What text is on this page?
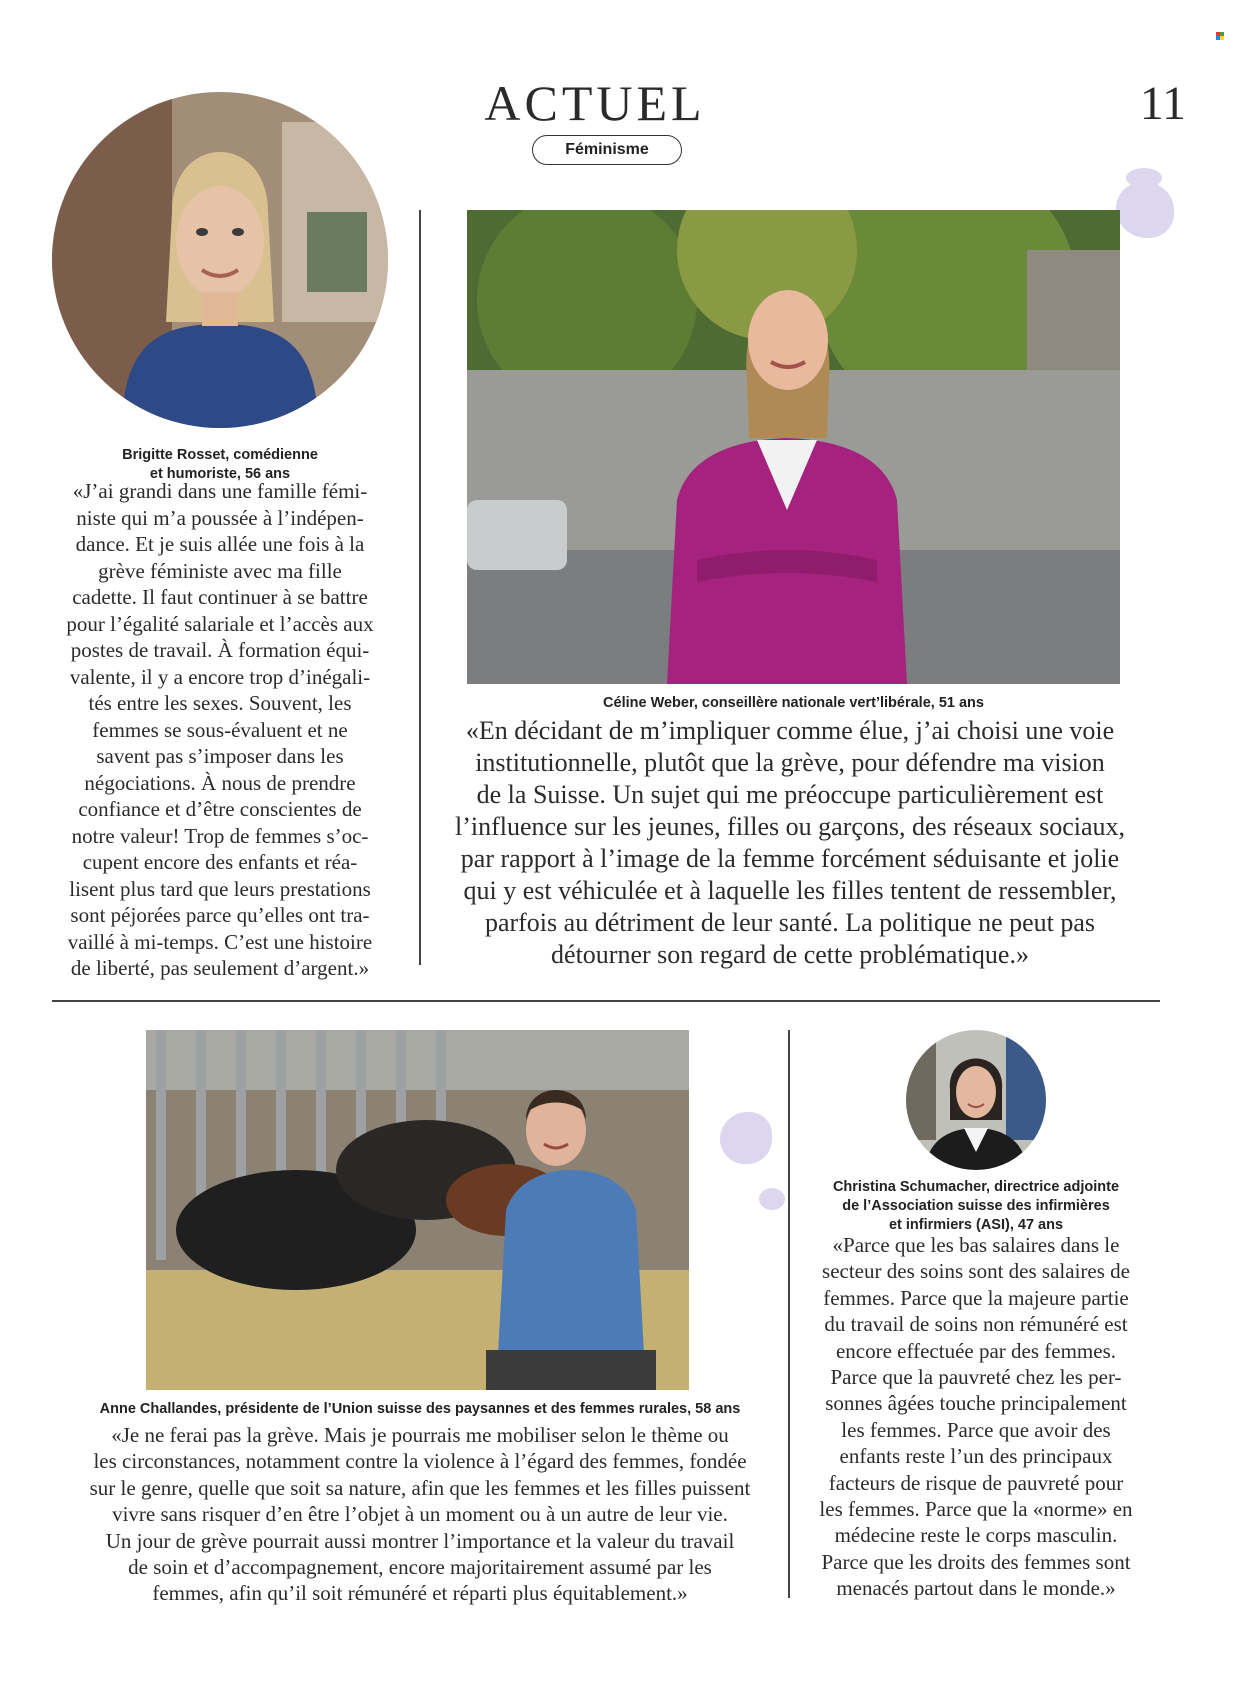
ACTUEL	11
Féminisme
Brigitte Rosset, comédienne
et humoriste, 56 ans
«J’ai grandi dans une famille fémi-
niste qui m’a poussée à l’indépen-
dance. Et je suis allée une fois à la
grève féministe avec ma fille
cadette. Il faut continuer à se battre
pour l’égalité salariale et l’accès aux
postes de travail. À formation équi-
valente, il y a encore trop d’inégali-
tés entre les sexes. Souvent, les
femmes se sous-évaluent et ne
savent pas s’imposer dans les
négociations. À nous de prendre
confiance et d’être conscientes de
notre valeur! Trop de femmes s’oc-
cupent encore des enfants et réa-
lisent plus tard que leurs prestations
sont péjorées parce qu’elles ont tra-
vaillé à mi-temps. C’est une histoire
de liberté, pas seulement d’argent.»
Céline Weber, conseillère nationale vert’libérale, 51 ans
«En décidant de m’impliquer comme élue, j’ai choisi une voie
institutionnelle, plutôt que la grève, pour défendre ma vision
de la Suisse. Un sujet qui me préoccupe particulièrement est
l’influence sur les jeunes, filles ou garçons, des réseaux sociaux,
par rapport à l’image de la femme forcément séduisante et jolie
qui y est véhiculée et à laquelle les filles tentent de ressembler,
parfois au détriment de leur santé. La politique ne peut pas
détourner son regard de cette problématique.»
Anne Challandes, présidente de l’Union suisse des paysannes et des femmes rurales, 58 ans
«Je ne ferai pas la grève. Mais je pourrais me mobiliser selon le thème ou
les circonstances, notamment contre la violence à l’égard des femmes, fondée
sur le genre, quelle que soit sa nature, afin que les femmes et les filles puissent
vivre sans risquer d’en être l’objet à un moment ou à un autre de leur vie.
Un jour de grève pourrait aussi montrer l’importance et la valeur du travail
de soin et d’accompagnement, encore majoritairement assumé par les
femmes, afin qu’il soit rémunéré et réparti plus équitablement.»
Christina Schumacher, directrice adjointe
de l’Association suisse des infirmières
et infirmiers (ASI), 47 ans
«Parce que les bas salaires dans le
secteur des soins sont des salaires de
femmes. Parce que la majeure partie
du travail de soins non rémunéré est
encore effectuée par des femmes.
Parce que la pauvreté chez les per-
sonnes âgées touche principalement
les femmes. Parce que avoir des
enfants reste l’un des principaux
facteurs de risque de pauvreté pour
les femmes. Parce que la «norme» en
médecine reste le corps masculin.
Parce que les droits des femmes sont
menacés partout dans le monde.»
